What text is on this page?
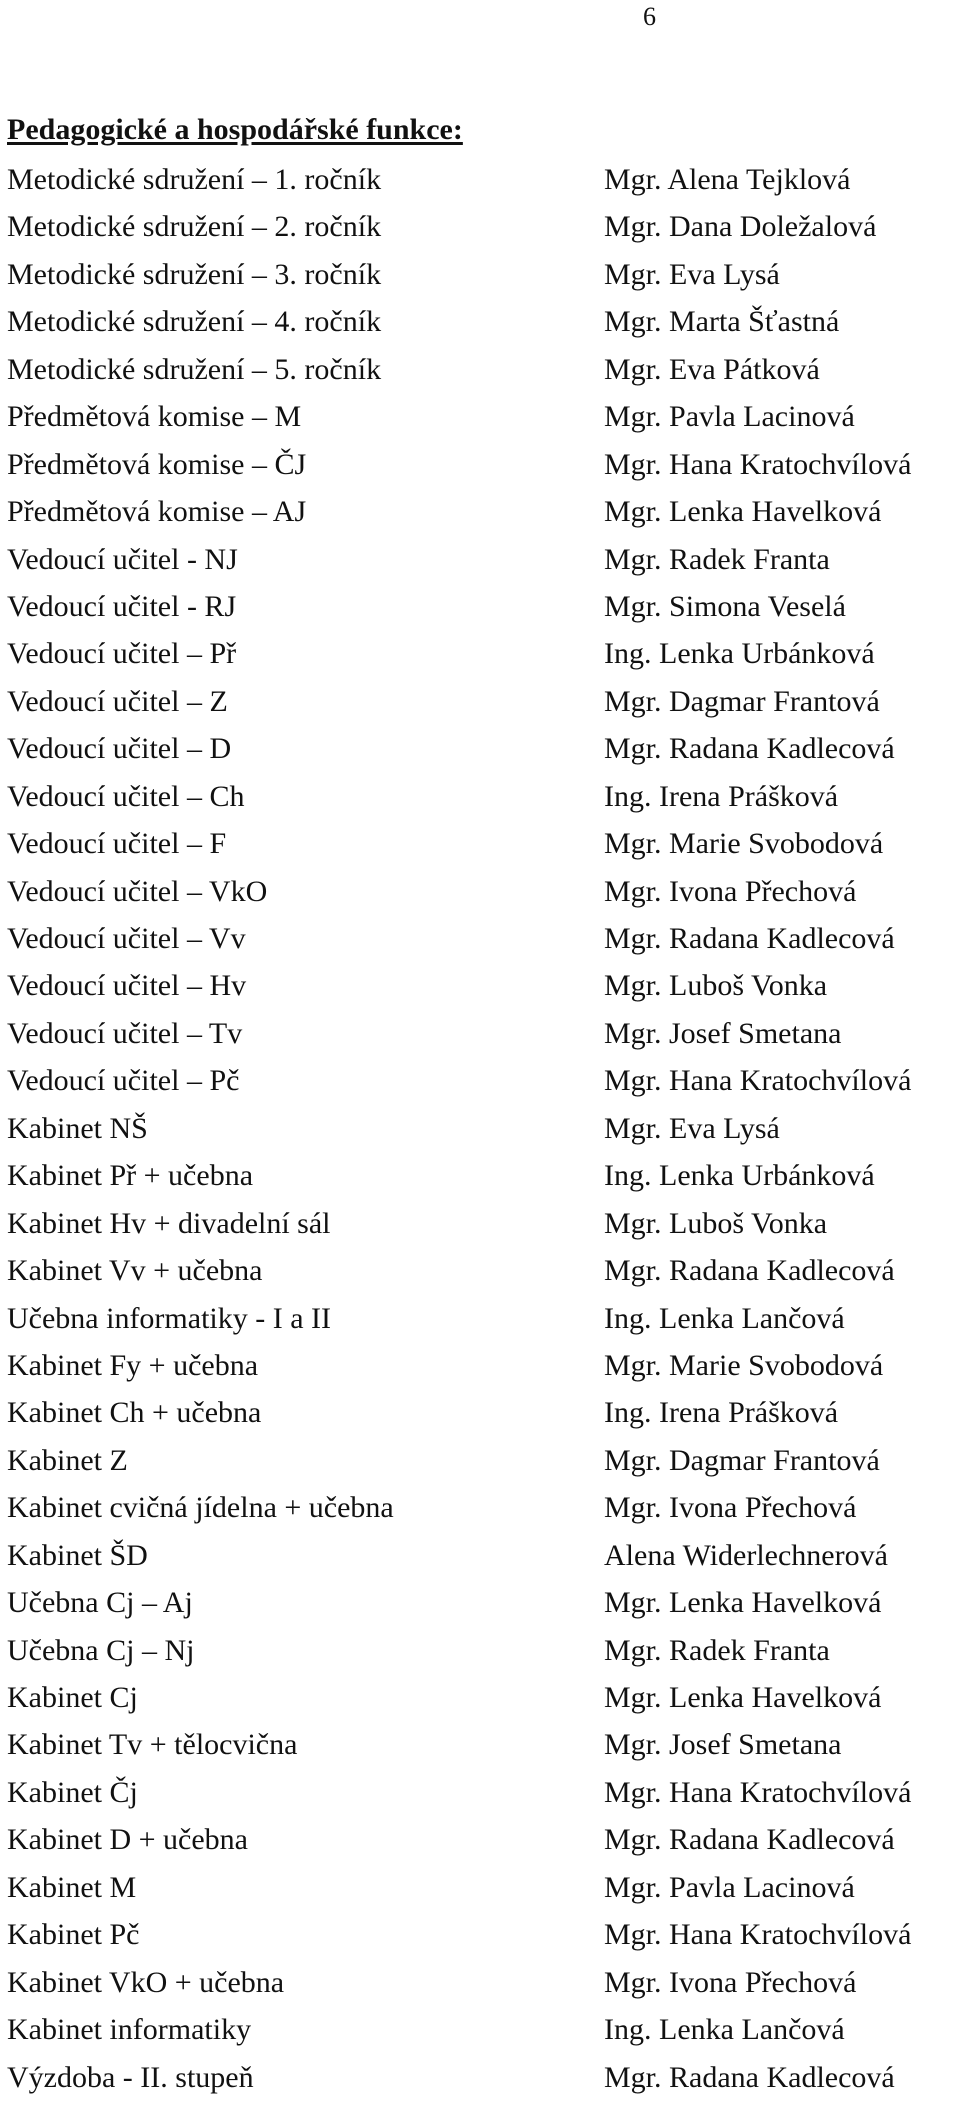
6
Pedagogické a hospodářské funkce:
Metodické sdružení – 1. ročník	Mgr. Alena Tejklová
Metodické sdružení – 2. ročník	Mgr. Dana Doležalová
Metodické sdružení – 3. ročník	Mgr. Eva Lysá
Metodické sdružení – 4. ročník	Mgr. Marta Šťastná
Metodické sdružení – 5. ročník	Mgr. Eva Pátková
Předmětová komise – M	Mgr. Pavla Lacinová
Předmětová komise – ČJ	Mgr. Hana Kratochvílová
Předmětová komise – AJ	Mgr. Lenka Havelková
Vedoucí učitel - NJ	Mgr. Radek Franta
Vedoucí učitel - RJ	Mgr. Simona Veselá
Vedoucí učitel – Př	Ing. Lenka Urbánková
Vedoucí učitel – Z	Mgr. Dagmar Frantová
Vedoucí učitel – D	Mgr. Radana Kadlecová
Vedoucí učitel – Ch	Ing. Irena Prášková
Vedoucí učitel – F	Mgr. Marie Svobodová
Vedoucí učitel – VkO	Mgr. Ivona Přechová
Vedoucí učitel – Vv	Mgr. Radana Kadlecová
Vedoucí učitel – Hv	Mgr. Luboš Vonka
Vedoucí učitel – Tv	Mgr. Josef Smetana
Vedoucí učitel – Pč	Mgr. Hana Kratochvílová
Kabinet NŠ	Mgr. Eva Lysá
Kabinet Př + učebna	Ing. Lenka Urbánková
Kabinet Hv + divadelní sál	Mgr. Luboš Vonka
Kabinet Vv + učebna	Mgr. Radana Kadlecová
Učebna informatiky - I a II	Ing. Lenka Lančová
Kabinet Fy + učebna	Mgr. Marie Svobodová
Kabinet Ch + učebna	Ing. Irena Prášková
Kabinet Z	Mgr. Dagmar Frantová
Kabinet cvičná jídelna + učebna	Mgr. Ivona Přechová
Kabinet ŠD	Alena Widerlechnerová
Učebna Cj – Aj	Mgr. Lenka Havelková
Učebna Cj – Nj	Mgr. Radek Franta
Kabinet Cj	Mgr. Lenka Havelková
Kabinet Tv + tělocvična	Mgr. Josef Smetana
Kabinet Čj	Mgr. Hana Kratochvílová
Kabinet D + učebna	Mgr. Radana Kadlecová
Kabinet M	Mgr. Pavla Lacinová
Kabinet Pč	Mgr. Hana Kratochvílová
Kabinet VkO + učebna	Mgr. Ivona Přechová
Kabinet informatiky	Ing. Lenka Lančová
Výzdoba - II. stupeň	Mgr. Radana Kadlecová
